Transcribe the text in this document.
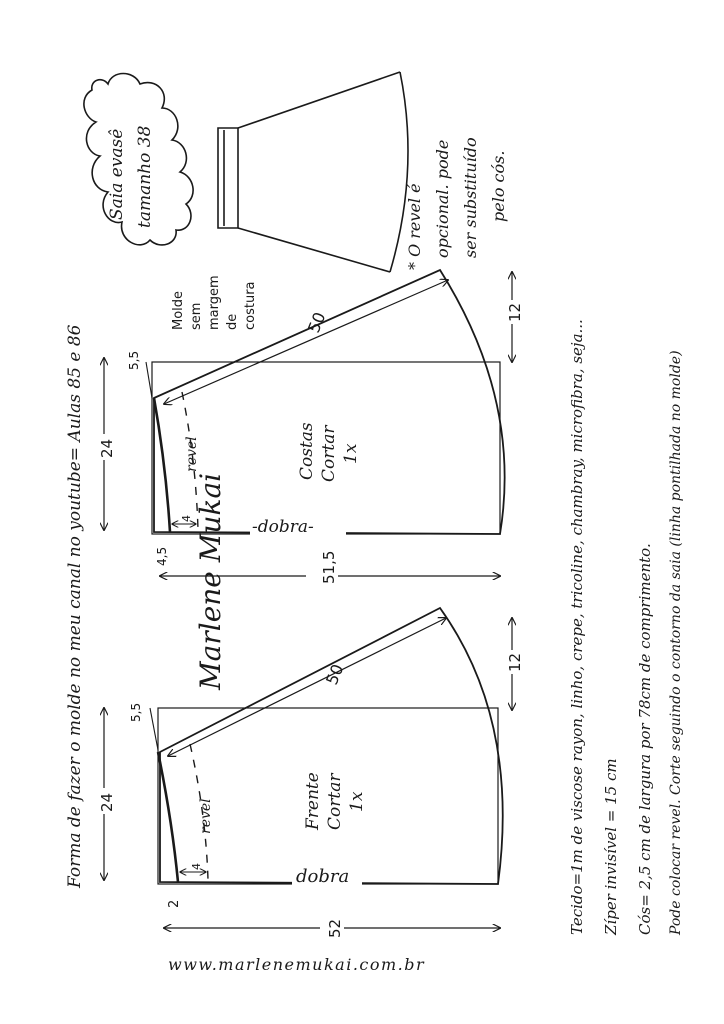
Forma de fazer o molde no meu canal no youtube= Aulas 85 e 86
Saia evasê tamanho 38	* O revel é opcional. pode ser substituído pelo cós.
Molde sem margem de costura	50
24
5,5
4,5
revel
4
Costas Cortar 1x
-dobra-
51,5
12
Marlene Mukai	50
24
5,5
2
revel
4
Frente Cortar 1x
dobra
52
12	Tecido=1m de viscose rayon, linho, crepe, tricoline, chambray, microfibra, seja... Zíper invisível = 15 cm Cós= 2,5 cm de largura por 78cm de comprimento. Pode colocar revel. Corte seguindo o contorno da saia (linha pontilhada no molde)
www.marlenemukai.com.br
